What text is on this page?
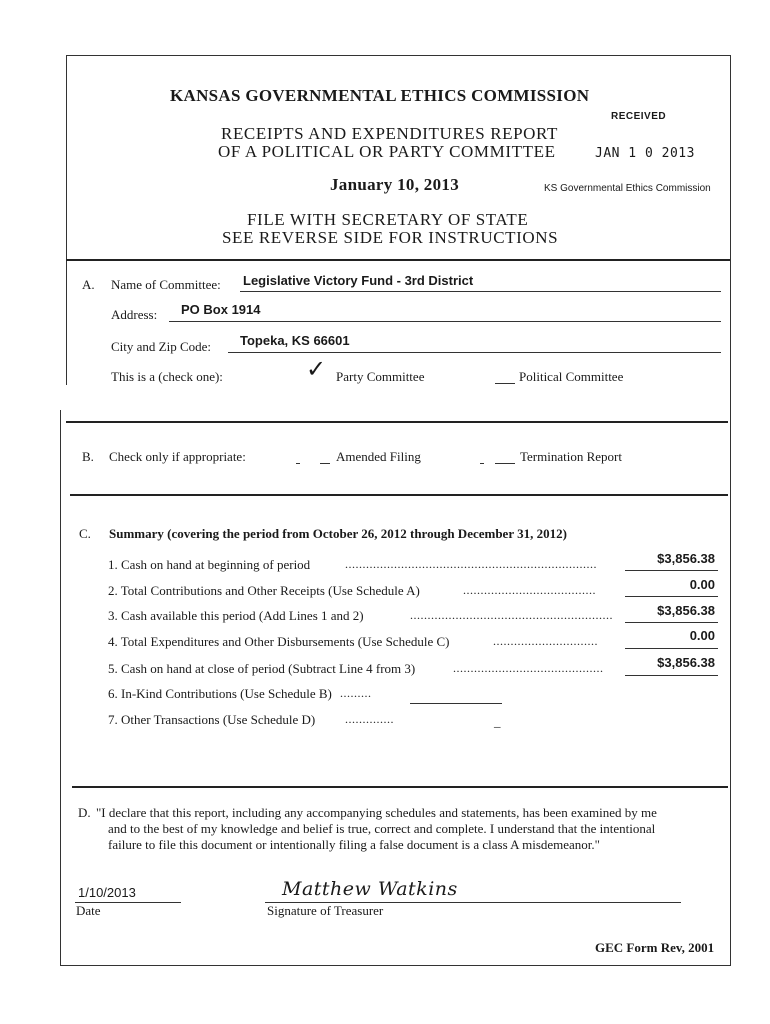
KANSAS GOVERNMENTAL ETHICS COMMISSION
RECEIPTS AND EXPENDITURES REPORT
OF A POLITICAL OR PARTY COMMITTEE
January 10, 2013
FILE WITH SECRETARY OF STATE
SEE REVERSE SIDE FOR INSTRUCTIONS
RECEIVED
JAN 1 0 2013
KS Governmental Ethics Commission
A. Name of Committee: Legislative Victory Fund - 3rd District
Address: PO Box 1914
City and Zip Code: Topeka, KS 66601
This is a (check one):	✓ Party Committee	Political Committee
B. Check only if appropriate:	Amended Filing	Termination Report
C. Summary (covering the period from October 26, 2012 through December 31, 2012)
1. Cash on hand at beginning of period	........................................................................	$3,856.38
2. Total Contributions and Other Receipts (Use Schedule A)	......................................	0.00
3. Cash available this period (Add Lines 1 and 2)	..........................................................	$3,856.38
4. Total Expenditures and Other Disbursements (Use Schedule C)	..............................	0.00
5. Cash on hand at close of period (Subtract Line 4 from 3)	...........................................	$3,856.38
6. In-Kind Contributions (Use Schedule B) .........
7. Other Transactions (Use Schedule D) ..............	_
D. "I declare that this report, including any accompanying schedules and statements, has been examined by me
and to the best of my knowledge and belief is true, correct and complete. I understand that the intentional
failure to file this document or intentionally filing a false document is a class A misdemeanor."
1/10/2013
Date
Matthew Watkins
Signature of Treasurer
GEC Form Rev, 2001
